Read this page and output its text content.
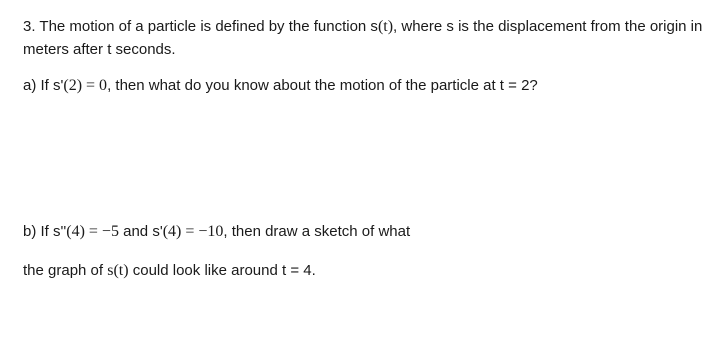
3. The motion of a particle is defined by the function s(t), where s is the displacement from the origin in
meters after t seconds.
a) If s'(2) = 0, then what do you know about the motion of the particle at t = 2?
b) If s''(4) = −5 and s'(4) = −10, then draw a sketch of what
the graph of s(t) could look like around t = 4.
